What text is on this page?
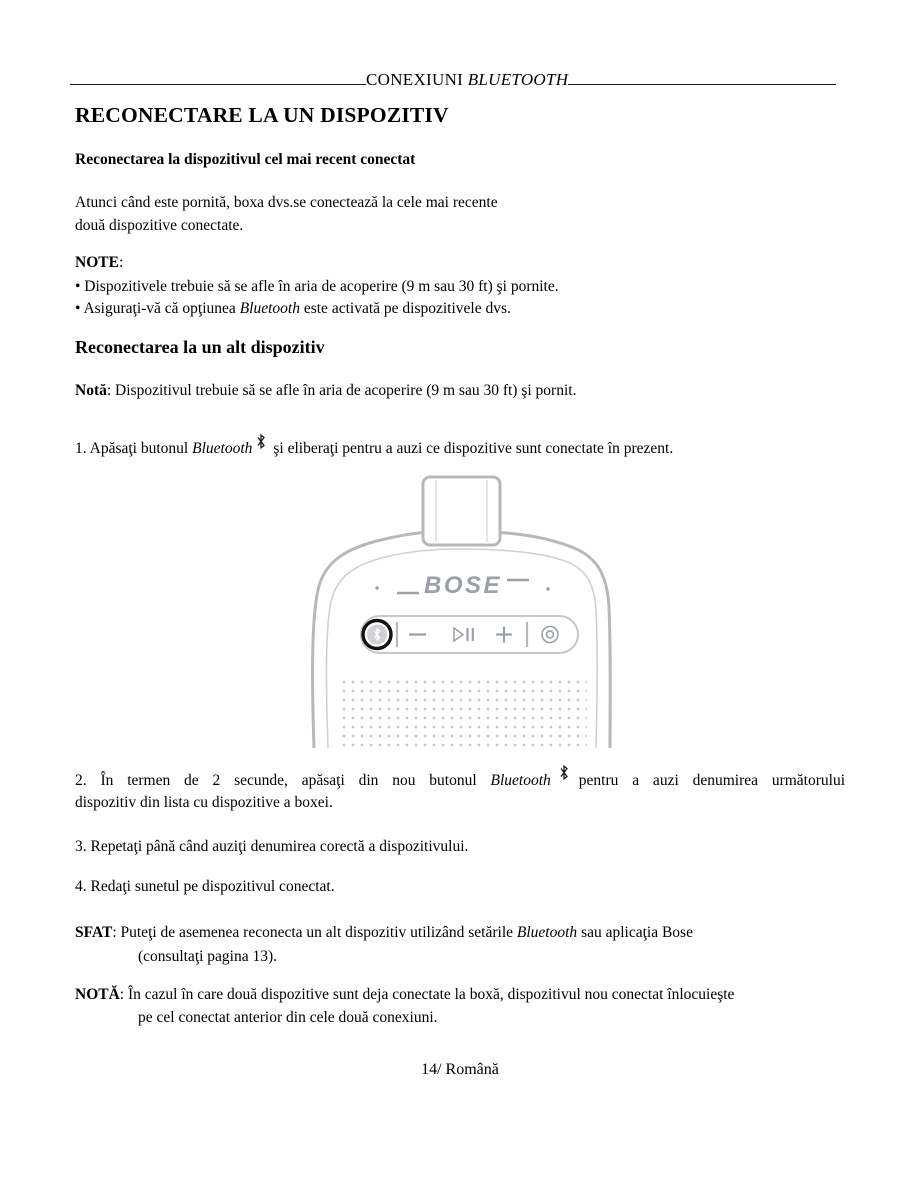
CONEXIUNI BLUETOOTH
RECONECTARE LA UN DISPOZITIV
Reconectarea la dispozitivul cel mai recent conectat
Atunci când este pornită, boxa dvs.se conectează la cele mai recente
două dispozitive conectate.
NOTE:
• Dispozitivele trebuie să se afle în aria de acoperire (9 m sau 30 ft) şi pornite.
• Asiguraţi-vă că opţiunea Bluetooth este activată pe dispozitivele dvs.
Reconectarea la un alt dispozitiv
Notă: Dispozitivul trebuie să se afle în aria de acoperire (9 m sau 30 ft) şi pornit.
1. Apăsaţi butonul Bluetooth şi eliberaţi pentru a auzi ce dispozitive sunt conectate în prezent.
BOSE
2. În termen de 2 secunde, apăsaţi din nou butonul Bluetooth pentru a auzi denumirea următorului
dispozitiv din lista cu dispozitive a boxei.
3. Repetaţi până când auziţi denumirea corectă a dispozitivului.
4. Redaţi sunetul pe dispozitivul conectat.
SFAT: Puteţi de asemenea reconecta un alt dispozitiv utilizând setările Bluetooth sau aplicaţia Bose
(consultaţi pagina 13).
NOTĂ: În cazul în care două dispozitive sunt deja conectate la boxă, dispozitivul nou conectat înlocuieşte
pe cel conectat anterior din cele două conexiuni.
14/ Română
